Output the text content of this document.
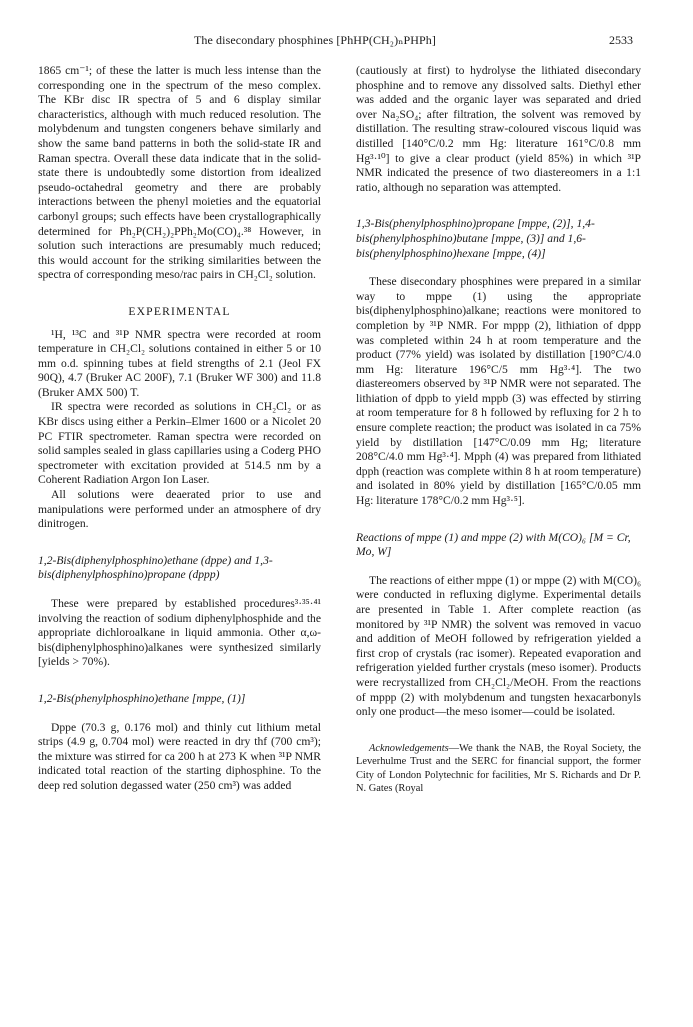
The disecondary phosphines [PhHP(CH₂)ₙPHPh]	2533

1865 cm⁻¹; of these the latter is much less intense than the corresponding one in the spectrum of the meso complex. The KBr disc IR spectra of 5 and 6 display similar characteristics, although with much reduced resolution. The molybdenum and tungsten congeners behave similarly and show the same band patterns in both the solid-state IR and Raman spectra. Overall these data indicate that in the solid-state there is undoubtedly some distortion from idealized pseudo-octahedral geometry and there are probably interactions between the phenyl moieties and the equatorial carbonyl groups; such effects have been crystallographically determined for Ph₂P(CH₂)₂PPh₂Mo(CO)₄.³⁸ However, in solution such interactions are presumably much reduced; this would account for the striking similarities between the spectra of corresponding meso/rac pairs in CH₂Cl₂ solution.

EXPERIMENTAL

¹H, ¹³C and ³¹P NMR spectra were recorded at room temperature in CH₂Cl₂ solutions contained in either 5 or 10 mm o.d. spinning tubes at field strengths of 2.1 (Jeol FX 90Q), 4.7 (Bruker AC 200F), 7.1 (Bruker WF 300) and 11.8 (Bruker AMX 500) T.

IR spectra were recorded as solutions in CH₂Cl₂ or as KBr discs using either a Perkin–Elmer 1600 or a Nicolet 20 PC FTIR spectrometer. Raman spectra were recorded on solid samples sealed in glass capillaries using a Coderg PHO spectrometer with excitation provided at 514.5 nm by a Coherent Radiation Argon Ion Laser.

All solutions were deaerated prior to use and manipulations were performed under an atmosphere of dry dinitrogen.

1,2-Bis(diphenylphosphino)ethane (dppe) and 1,3-bis(diphenylphosphino)propane (dppp)

These were prepared by established procedures³·³⁵·⁴¹ involving the reaction of sodium diphenylphosphide and the appropriate dichloroalkane in liquid ammonia. Other α,ω-bis(diphenylphosphino)alkanes were synthesized similarly [yields > 70%).

1,2-Bis(phenylphosphino)ethane [mppe, (1)]

Dppe (70.3 g, 0.176 mol) and thinly cut lithium metal strips (4.9 g, 0.704 mol) were reacted in dry thf (700 cm³); the mixture was stirred for ca 200 h at 273 K when ³¹P NMR indicated total reaction of the starting diphosphine. To the deep red solution degassed water (250 cm³) was added

(cautiously at first) to hydrolyse the lithiated disecondary phosphine and to remove any dissolved salts. Diethyl ether was added and the organic layer was separated and dried over Na₂SO₄; after filtration, the solvent was removed by distillation. The resulting straw-coloured viscous liquid was distilled [140°C/0.2 mm Hg: literature 161°C/0.8 mm Hg³·¹⁰] to give a clear product (yield 85%) in which ³¹P NMR indicated the presence of two diastereomers in a 1:1 ratio, although no separation was attempted.

1,3-Bis(phenylphosphino)propane [mppe, (2)], 1,4-bis(phenylphosphino)butane [mppe, (3)] and 1,6-bis(phenylphosphino)hexane [mppe, (4)]

These disecondary phosphines were prepared in a similar way to mppe (1) using the appropriate bis(diphenylphosphino)alkane; reactions were monitored to completion by ³¹P NMR. For mppp (2), lithiation of dppp was completed within 24 h at room temperature and the product (77% yield) was isolated by distillation [190°C/4.0 mm Hg: literature 196°C/5 mm Hg³·⁴]. The two diastereomers observed by ³¹P NMR were not separated. The lithiation of dppb to yield mppb (3) was effected by stirring at room temperature for 8 h followed by refluxing for 2 h to ensure complete reaction; the product was isolated in ca 75% yield by distillation [147°C/0.09 mm Hg; literature 208°C/4.0 mm Hg³·⁴]. Mpph (4) was prepared from lithiated dpph (reaction was complete within 8 h at room temperature) and isolated in 80% yield by distillation [165°C/0.05 mm Hg: literature 178°C/0.2 mm Hg³·⁵].

Reactions of mppe (1) and mppe (2) with M(CO)₆ [M = Cr, Mo, W]

The reactions of either mppe (1) or mppe (2) with M(CO)₆ were conducted in refluxing diglyme. Experimental details are presented in Table 1. After complete reaction (as monitored by ³¹P NMR) the solvent was removed in vacuo and addition of MeOH followed by refrigeration yielded a first crop of crystals (rac isomer). Repeated evaporation and refrigeration yielded further crystals (meso isomer). Products were recrystallized from CH₂Cl₂/MeOH. From the reactions of mppp (2) with molybdenum and tungsten hexacarbonyls only one product—the meso isomer—could be isolated.

Acknowledgements—We thank the NAB, the Royal Society, the Leverhulme Trust and the SERC for financial support, the former City of London Polytechnic for facilities, Mr S. Richards and Dr P. N. Gates (Royal
